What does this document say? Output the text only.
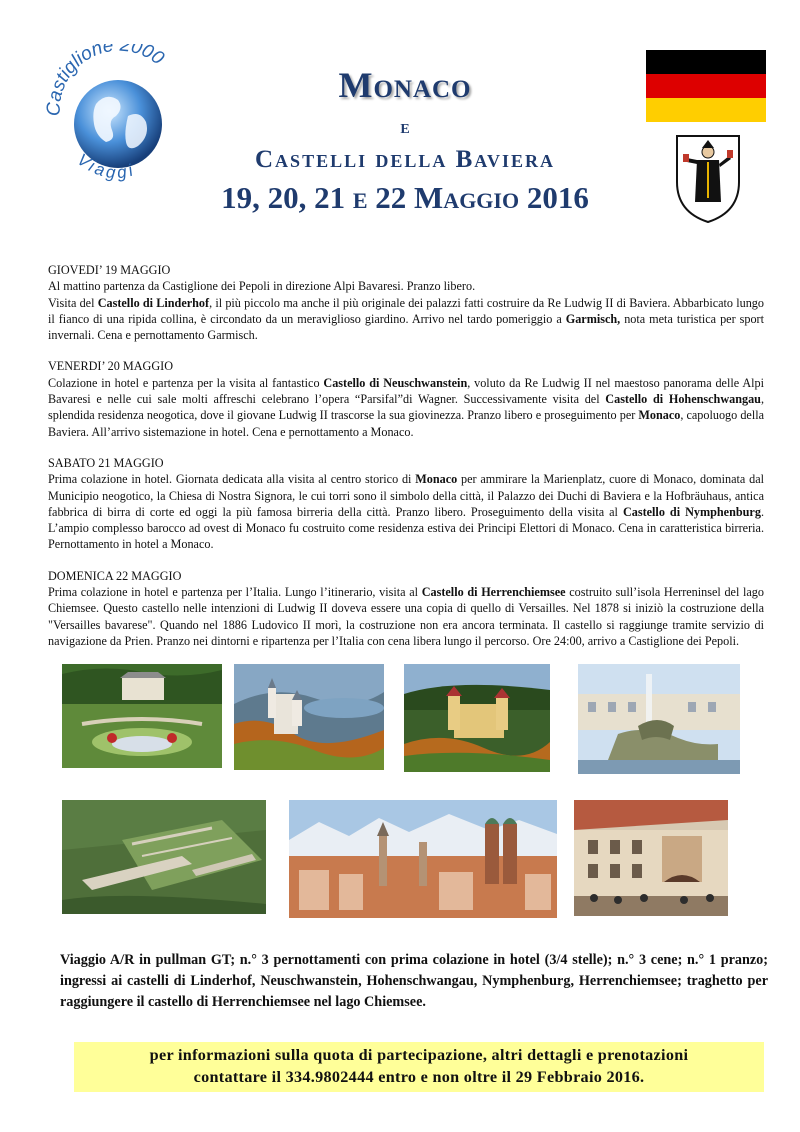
astiglione 2000
Viaggi
Monaco
e
Castelli della Baviera
19, 20, 21 e 22 Maggio 2016
GIOVEDI’ 19 MAGGIO

Al mattino partenza da Castiglione dei Pepoli in direzione Alpi Bavaresi. Pranzo libero.
Visita del Castello di Linderhof, il più piccolo ma anche il più originale dei palazzi fatti costruire da Re Ludwig II di Baviera. Abbarbicato lungo il fianco di una ripida collina, è circondato da un meraviglioso giardino. Arrivo nel tardo pomeriggio a Garmisch, nota meta turistica per sport invernali. Cena e pernottamento Garmisch.

VENERDI’ 20 MAGGIO

Colazione in hotel e partenza per la visita al fantastico Castello di Neuschwanstein, voluto da Re Ludwig II nel maestoso panorama delle Alpi Bavaresi e nelle cui sale molti affreschi celebrano l’opera “Parsifal”di Wagner. Successivamente visita del Castello di Hohenschwangau, splendida residenza neogotica, dove il giovane Ludwig II trascorse la sua giovinezza. Pranzo libero e proseguimento per Monaco, capoluogo della Baviera. All’arrivo sistemazione in hotel. Cena e pernottamento a Monaco.

SABATO 21 MAGGIO

Prima colazione in hotel. Giornata dedicata alla visita al centro storico di Monaco per ammirare la Marienplatz, cuore di Monaco, dominata dal Municipio neogotico, la Chiesa di Nostra Signora, le cui torri sono il simbolo della città, il Palazzo dei Duchi di Baviera e la Hofbräuhaus, antica fabbrica di birra di corte ed oggi la più famosa birreria della città. Pranzo libero. Proseguimento della visita al Castello di Nymphenburg. L’ampio complesso barocco ad ovest di Monaco fu costruito come residenza estiva dei Principi Elettori di Monaco. Cena in caratteristica birreria. Pernottamento in hotel a Monaco.

DOMENICA 22 MAGGIO

Prima colazione in hotel e partenza per l’Italia. Lungo l’itinerario, visita al Castello di Herrenchiemsee costruito sull’isola Herreninsel del lago Chiemsee. Questo castello nelle intenzioni di Ludwig II doveva essere una copia di quello di Versailles. Nel 1878 si iniziò la costruzione della "Versailles bavarese". Quando nel 1886 Ludovico II morì, la costruzione non era ancora terminata. Il castello si raggiunge tramite servizio di navigazione da Prien. Pranzo nei dintorni e ripartenza per l’Italia con cena libera lungo il percorso. Ore 24:00, arrivo a Castiglione dei Pepoli.

Viaggio A/R in pullman GT; n.° 3 pernottamenti con prima colazione in hotel (3/4 stelle); n.° 3 cene; n.° 1 pranzo; ingressi ai castelli di Linderhof, Neuschwanstein, Hohenschwangau, Nymphenburg, Herrenchiemsee; traghetto per raggiungere il castello di Herrenchiemsee nel lago Chiemsee.
per informazioni sulla quota di partecipazione, altri dettagli e prenotazioni
contattare il 334.9802444 entro e non oltre il 29 Febbraio 2016.
